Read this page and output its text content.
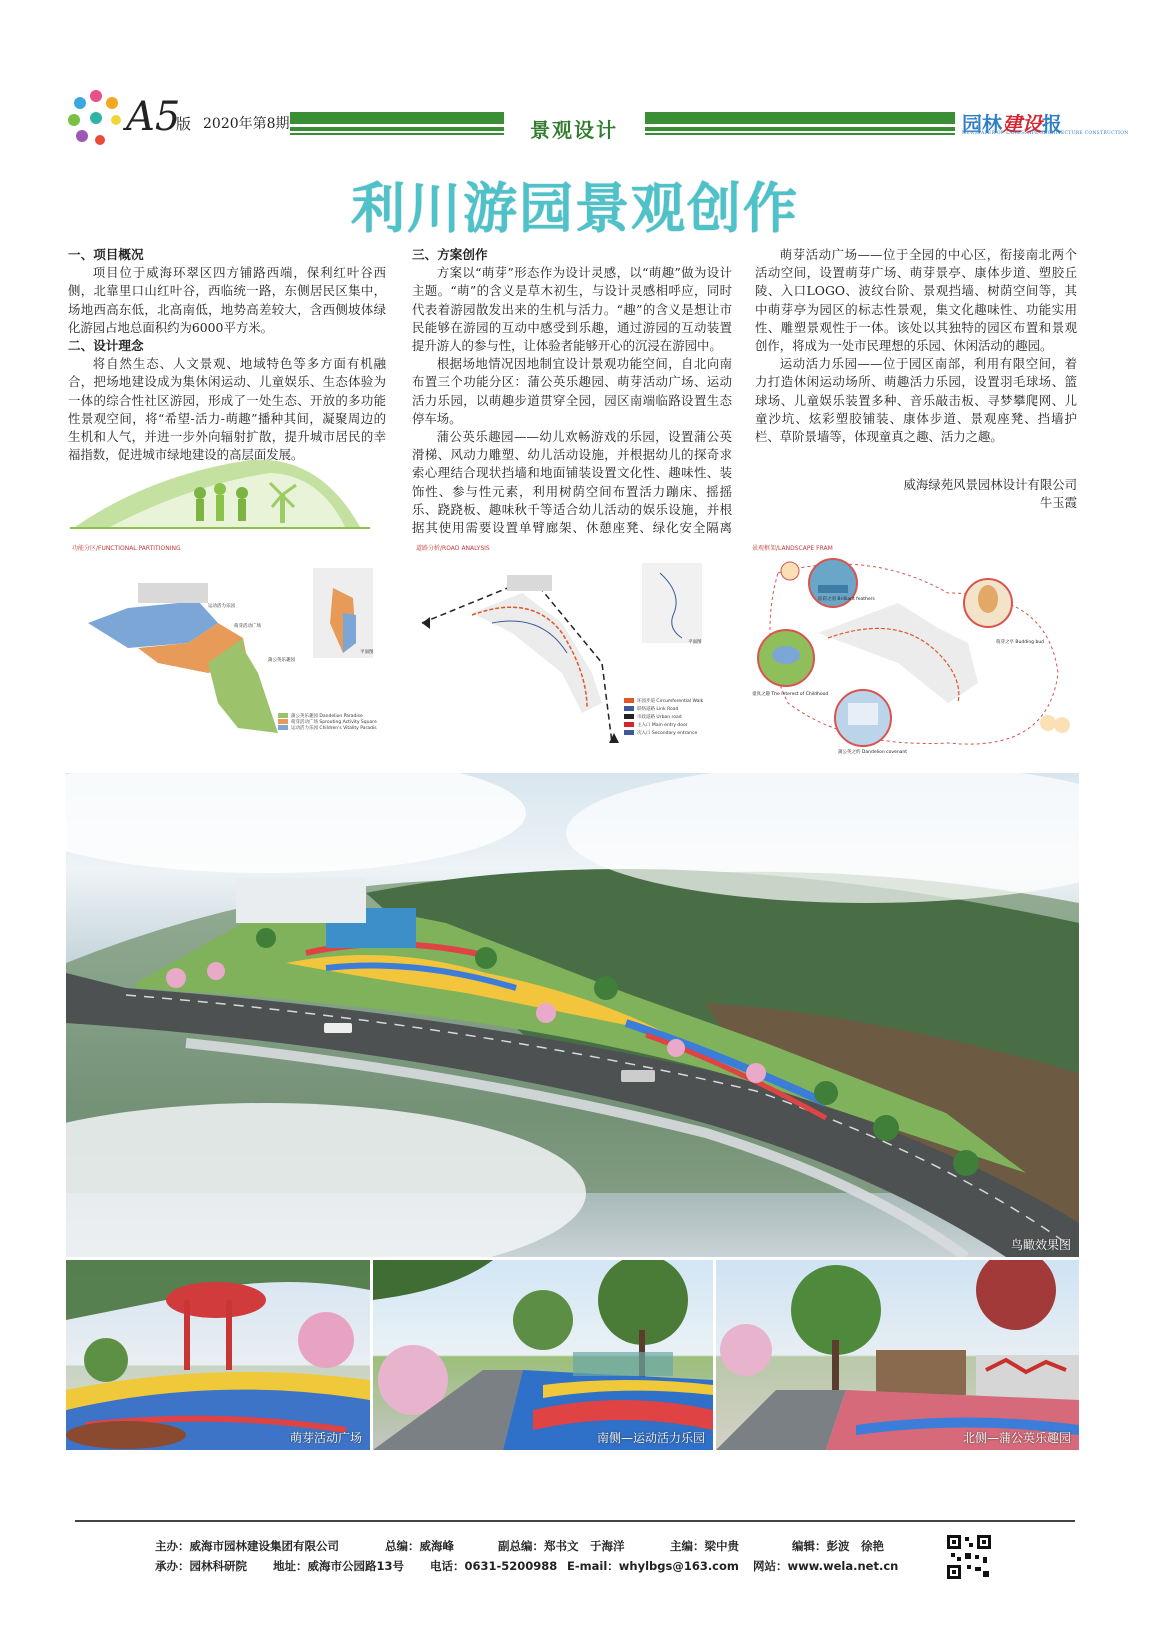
A5
版 2020年第8期	景观设计	园林建设报
NEWSPAPER OF LANDSCAPE ARCHITECTURE CONSTRUCTION
利川游园景观创作
一、项目概况

项目位于威海环翠区四方铺路西端，保利红叶谷西侧，北靠里口山红叶谷，西临统一路，东侧居民区集中，场地西高东低，北高南低，地势高差较大，含西侧坡体绿化游园占地总面积约为6000平方米。

二、设计理念

将自然生态、人文景观、地域特色等多方面有机融合，把场地建设成为集休闲运动、儿童娱乐、生态体验为一体的综合性社区游园，形成了一处生态、开放的多功能性景观空间，将“希望-活力-萌趣”播种其间，凝聚周边的生机和人气，并进一步外向辐射扩散，提升城市居民的幸福指数，促进城市绿地建设的高层面发展。

三、方案创作

方案以“萌芽”形态作为设计灵感，以“萌趣”做为设计主题。“萌”的含义是草木初生，与设计灵感相呼应，同时代表着游园散发出来的生机与活力。“趣”的含义是想让市民能够在游园的互动中感受到乐趣，通过游园的互动装置提升游人的参与性，让体验者能够开心的沉浸在游园中。

根据场地情况因地制宜设计景观功能空间，自北向南布置三个功能分区：蒲公英乐趣园、萌芽活动广场、运动活力乐园，以萌趣步道贯穿全园，园区南端临路设置生态停车场。

蒲公英乐趣园——幼儿欢畅游戏的乐园，设置蒲公英滑梯、风动力雕塑、幼儿活动设施，并根据幼儿的探奇求索心理结合现状挡墙和地面铺装设置文化性、趣味性、装饰性、参与性元素，利用树荫空间布置活力蹦床、摇摇乐、跷跷板、趣味秋千等适合幼儿活动的娱乐设施，并根据其使用需要设置单臂廊架、休憩座凳、绿化安全隔离

萌芽活动广场——位于全园的中心区，衔接南北两个活动空间，设置萌芽广场、萌芽景亭、康体步道、塑胶丘陵、入口LOGO、波纹台阶、景观挡墙、树荫空间等，其中萌芽亭为园区的标志性景观，集文化趣味性、功能实用性、雕塑景观性于一体。该处以其独特的园区布置和景观创作，将成为一处市民理想的乐园、休闲活动的趣园。

运动活力乐园——位于园区南部，利用有限空间，着力打造休闲运动场所、萌趣活力乐园，设置羽毛球场、篮球场、儿童娱乐装置多种、音乐敲击板、寻梦攀爬网、儿童沙坑、炫彩塑胶铺装、康体步道、景观座凳、挡墙护栏、草阶景墙等，体现童真之趣、活力之趣。

威海绿苑风景园林设计有限公司
牛玉霞
功能分区/FUNCTIONAL PARTITIONING
运动活力乐园
萌芽活动广场
蒲公英乐趣园
平面图
蒲公英乐趣园 Dandelion Paradise
萌芽活动广场 Sprouting Activity Square
运动活力乐园 Children's Vitality Paradis
道路分析/ROAD ANALYSIS
平面图
环园步道 Circumferential Walk
联络道路 Link Road
市政道路 Urban road
主入口 Main entry door
次入口 Secondary entrance
景观框架/LANDSCAPE FRAM
炫彩之羽 Brilliant feathers
萌芽之亭 Budding bud
童真之趣 The interest of Childhood
蒲公英之约 Dandelion covenant
鸟瞰效果图
萌芽活动广场	南侧—运动活力乐园	北侧—蒲公英乐趣园
主办：威海市园林建设集团有限公司	总编：威海峰	副总编：郑书文　于海洋	主编：梁中贵	编辑：彭波　徐艳
承办：园林科研院 地址：威海市公园路13号 电话：0631-5200988 E-mail：whylbgs@163.com 网站：www.wela.net.cn
